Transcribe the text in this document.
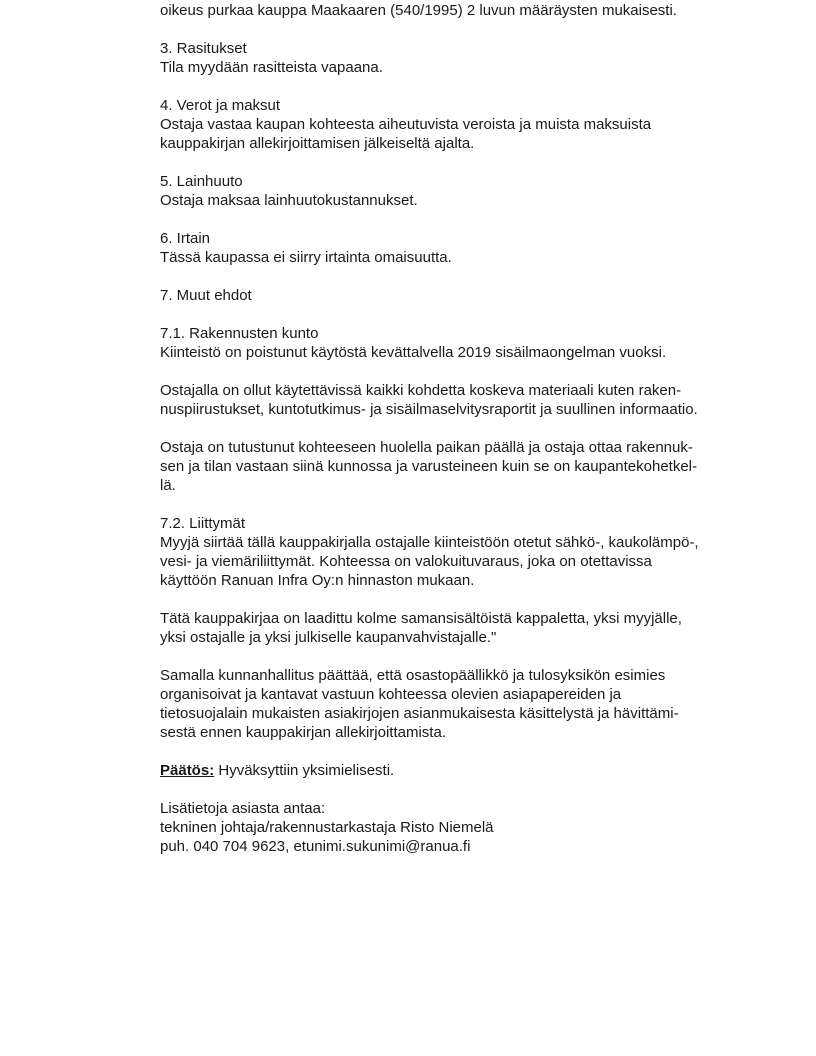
oikeus purkaa kauppa Maakaaren (540/1995) 2 luvun määräysten mukaisesti.

3. Rasitukset
Tila myydään rasitteista vapaana.

4. Verot ja maksut
Ostaja vastaa kaupan kohteesta aiheutuvista veroista ja muista maksuista
kauppakirjan allekirjoittamisen jälkeiseltä ajalta.

5. Lainhuuto
Ostaja maksaa lainhuutokustannukset.

6. Irtain
Tässä kaupassa ei siirry irtainta omaisuutta.

7. Muut ehdot

7.1. Rakennusten kunto
Kiinteistö on poistunut käytöstä kevättalvella 2019 sisäilmaongelman vuoksi.

Ostajalla on ollut käytettävissä kaikki kohdetta koskeva materiaali kuten raken-
nuspiirustukset, kuntotutkimus- ja sisäilmaselvitysraportit ja suullinen informaatio.

Ostaja on tutustunut kohteeseen huolella paikan päällä ja ostaja ottaa rakennuk-
sen ja tilan vastaan siinä kunnossa ja varusteineen kuin se on kaupantekohetkel-
lä.

7.2. Liittymät
Myyjä siirtää tällä kauppakirjalla ostajalle kiinteistöön otetut sähkö-, kaukolämpö-,
vesi- ja viemäriliittymät. Kohteessa on valokuituvaraus, joka on otettavissa
käyttöön Ranuan Infra Oy:n hinnaston mukaan.

Tätä kauppakirjaa on laadittu kolme samansisältöistä kappaletta, yksi myyjälle,
yksi ostajalle ja yksi julkiselle kaupanvahvistajalle."

Samalla kunnanhallitus päättää, että osastopäällikkö ja tulosyksikön esimies
organisoivat ja kantavat vastuun kohteessa olevien asiapapereiden ja
tietosuojalain mukaisten asiakirjojen asianmukaisesta käsittelystä ja hävittämi-
sestä ennen kauppakirjan allekirjoittamista.

Päätös: Hyväksyttiin yksimielisesti.

Lisätietoja asiasta antaa:
tekninen johtaja/rakennustarkastaja Risto Niemelä
puh. 040 704 9623, etunimi.sukunimi@ranua.fi
